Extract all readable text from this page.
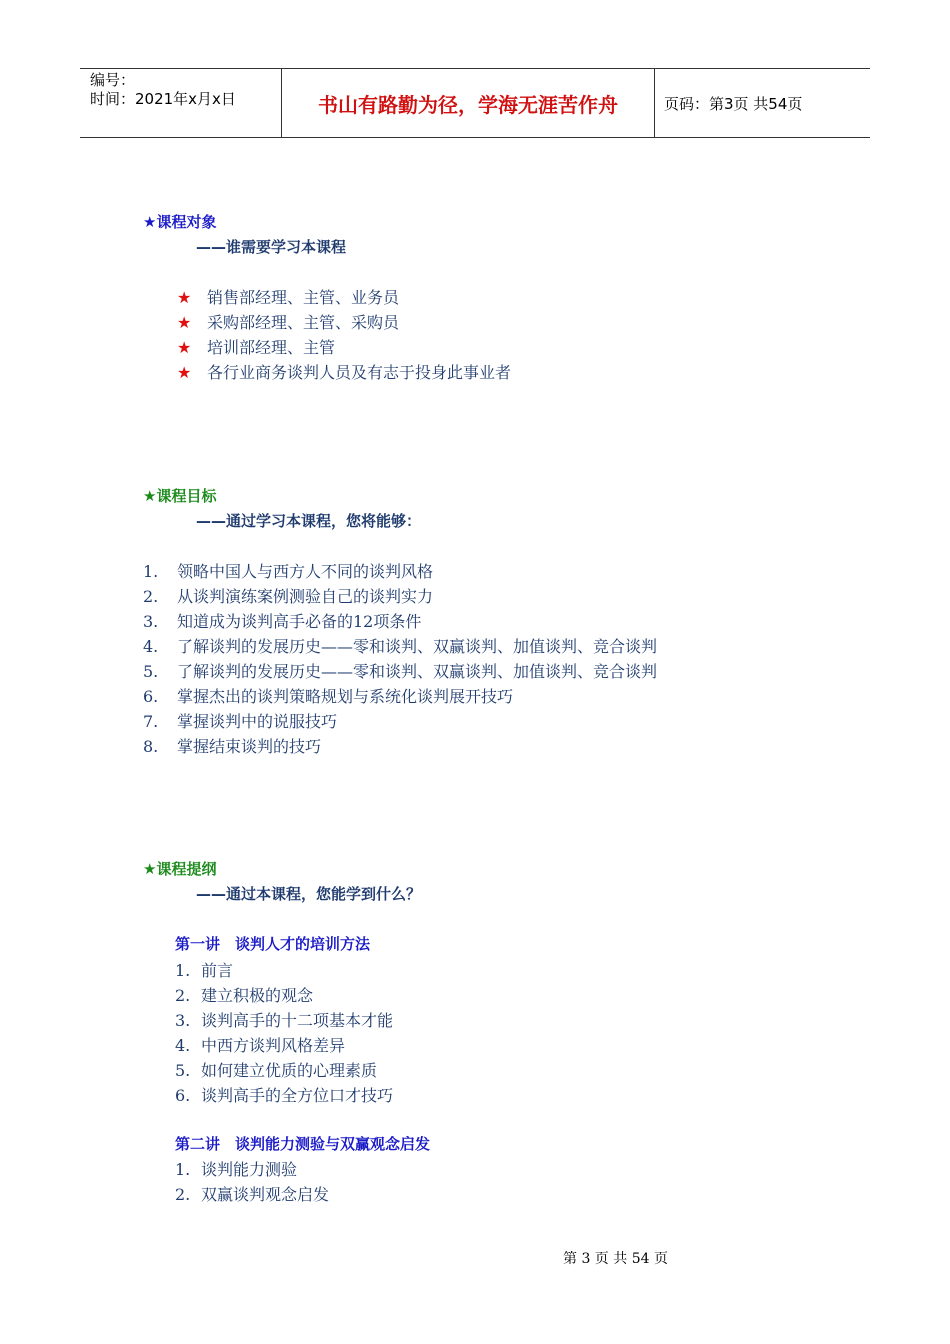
编号：
时间：2021年x月x日	书山有路勤为径，学海无涯苦作舟	页码：第3页 共54页
★课程对象
——谁需要学习本课程
★ 销售部经理、主管、业务员
★ 采购部经理、主管、采购员
★ 培训部经理、主管
★ 各行业商务谈判人员及有志于投身此事业者
★课程目标
——通过学习本课程，您将能够：
1. 领略中国人与西方人不同的谈判风格
2. 从谈判演练案例测验自己的谈判实力
3. 知道成为谈判高手必备的12项条件
4. 了解谈判的发展历史——零和谈判、双赢谈判、加值谈判、竞合谈判
5. 了解谈判的发展历史——零和谈判、双赢谈判、加值谈判、竞合谈判
6. 掌握杰出的谈判策略规划与系统化谈判展开技巧
7. 掌握谈判中的说服技巧
8. 掌握结束谈判的技巧
★课程提纲
——通过本课程，您能学到什么？
第一讲　谈判人才的培训方法
1. 前言
2. 建立积极的观念
3. 谈判高手的十二项基本才能
4. 中西方谈判风格差异
5. 如何建立优质的心理素质
6. 谈判高手的全方位口才技巧
第二讲　谈判能力测验与双赢观念启发
1. 谈判能力测验
2. 双赢谈判观念启发
第 3 页 共 54 页
